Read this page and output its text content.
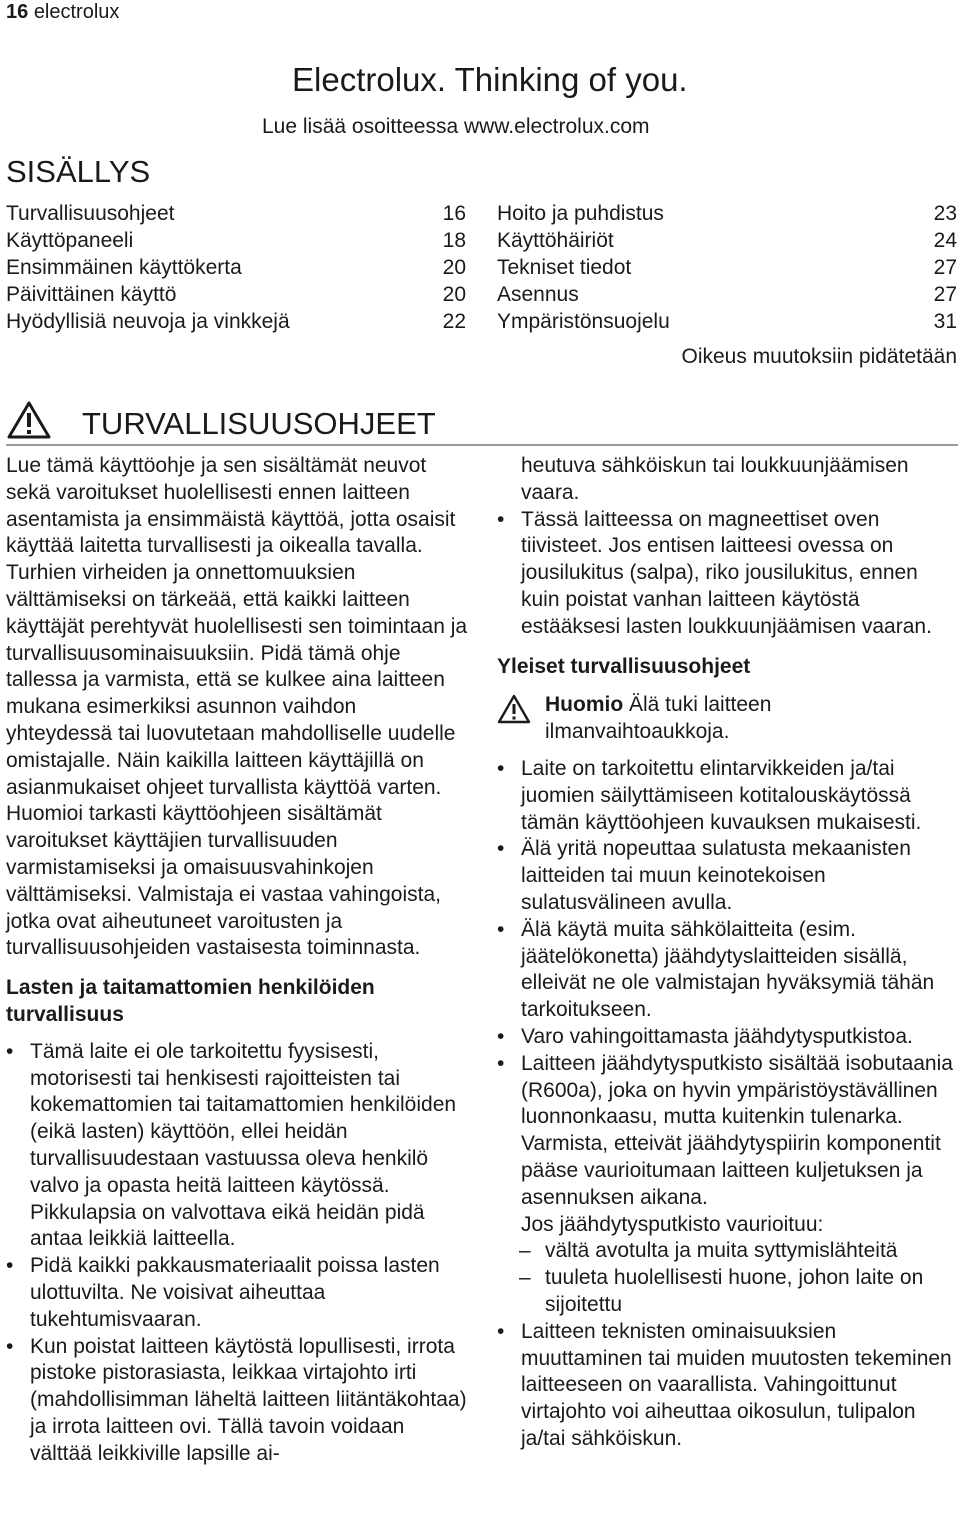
16 electrolux
Electrolux. Thinking of you.
Lue lisää osoitteessa www.electrolux.com
SISÄLLYS
Turvallisuusohjeet	16
Käyttöpaneeli	18
Ensimmäinen käyttökerta	20
Päivittäinen käyttö	20
Hyödyllisiä neuvoja ja vinkkejä	22
Hoito ja puhdistus	23
Käyttöhäiriöt	24
Tekniset tiedot	27
Asennus	27
Ympäristönsuojelu	31
Oikeus muutoksiin pidätetään
TURVALLISUUSOHJEET

Lue tämä käyttöohje ja sen sisältämät neuvot sekä varoitukset huolellisesti ennen laitteen asentamista ja ensimmäistä käyttöä, jotta osaisit käyttää laitetta turvallisesti ja oikealla tavalla. Turhien virheiden ja onnettomuuksien välttämiseksi on tärkeää, että kaikki laitteen käyttäjät perehtyvät huolellisesti sen toimintaan ja turvallisuusominaisuuksiin. Pidä tämä ohje tallessa ja varmista, että se kulkee aina laitteen mukana esimerkiksi asunnon vaihdon yhteydessä tai luovutetaan mahdolliselle uudelle omistajalle. Näin kaikilla laitteen käyttäjillä on asianmukaiset ohjeet turvallista käyttöä varten.

Huomioi tarkasti käyttöohjeen sisältämät varoitukset käyttäjien turvallisuuden varmistamiseksi ja omaisuusvahinkojen välttämiseksi. Valmistaja ei vastaa vahingoista, jotka ovat aiheutuneet varoitusten ja turvallisuusohjeiden vastaisesta toiminnasta.

Lasten ja taitamattomien henkilöiden turvallisuus
• Tämä laite ei ole tarkoitettu fyysisesti, motorisesti tai henkisesti rajoitteisten tai kokemattomien tai taitamattomien henkilöiden (eikä lasten) käyttöön, ellei heidän turvallisuudestaan vastuussa oleva henkilö valvo ja opasta heitä laitteen käytössä. Pikkulapsia on valvottava eikä heidän pidä antaa leikkiä laitteella.
• Pidä kaikki pakkausmateriaalit poissa lasten ulottuvilta. Ne voisivat aiheuttaa tukehtumisvaaran.
• Kun poistat laitteen käytöstä lopullisesti, irrota pistoke pistorasiasta, leikkaa virtajohto irti (mahdollisimman läheltä laitteen liitäntäkohtaa) ja irrota laitteen ovi. Tällä tavoin voidaan välttää leikkiville lapsille ai-
heutuva sähköiskun tai loukkuunjäämisen vaara.
• Tässä laitteessa on magneettiset oven tiivisteet. Jos entisen laitteesi ovessa on jousilukitus (salpa), riko jousilukitus, ennen kuin poistat vanhan laitteen käytöstä estääksesi lasten loukkuunjäämisen vaaran.
Yleiset turvallisuusohjeet
Huomio Älä tuki laitteen ilmanvaihtoaukkoja.
• Laite on tarkoitettu elintarvikkeiden ja/tai juomien säilyttämiseen kotitalouskäytössä tämän käyttöohjeen kuvauksen mukaisesti.
• Älä yritä nopeuttaa sulatusta mekaanisten laitteiden tai muun keinotekoisen sulatusvälineen avulla.
• Älä käytä muita sähkölaitteita (esim. jäätelökonetta) jäähdytyslaitteiden sisällä, elleivät ne ole valmistajan hyväksymiä tähän tarkoitukseen.
• Varo vahingoittamasta jäähdytysputkistoa.
• Laitteen jäähdytysputkisto sisältää isobutaania (R600a), joka on hyvin ympäristöystävällinen luonnonkaasu, mutta kuitenkin tulenarka.
Varmista, etteivät jäähdytyspiirin komponentit pääse vaurioitumaan laitteen kuljetuksen ja asennuksen aikana.
Jos jäähdytysputkisto vaurioituu:
– vältä avotulta ja muita syttymislähteitä
– tuuleta huolellisesti huone, johon laite on sijoitettu
• Laitteen teknisten ominaisuuksien muuttaminen tai muiden muutosten tekeminen laitteeseen on vaarallista. Vahingoittunut virtajohto voi aiheuttaa oikosulun, tulipalon ja/tai sähköiskun.
